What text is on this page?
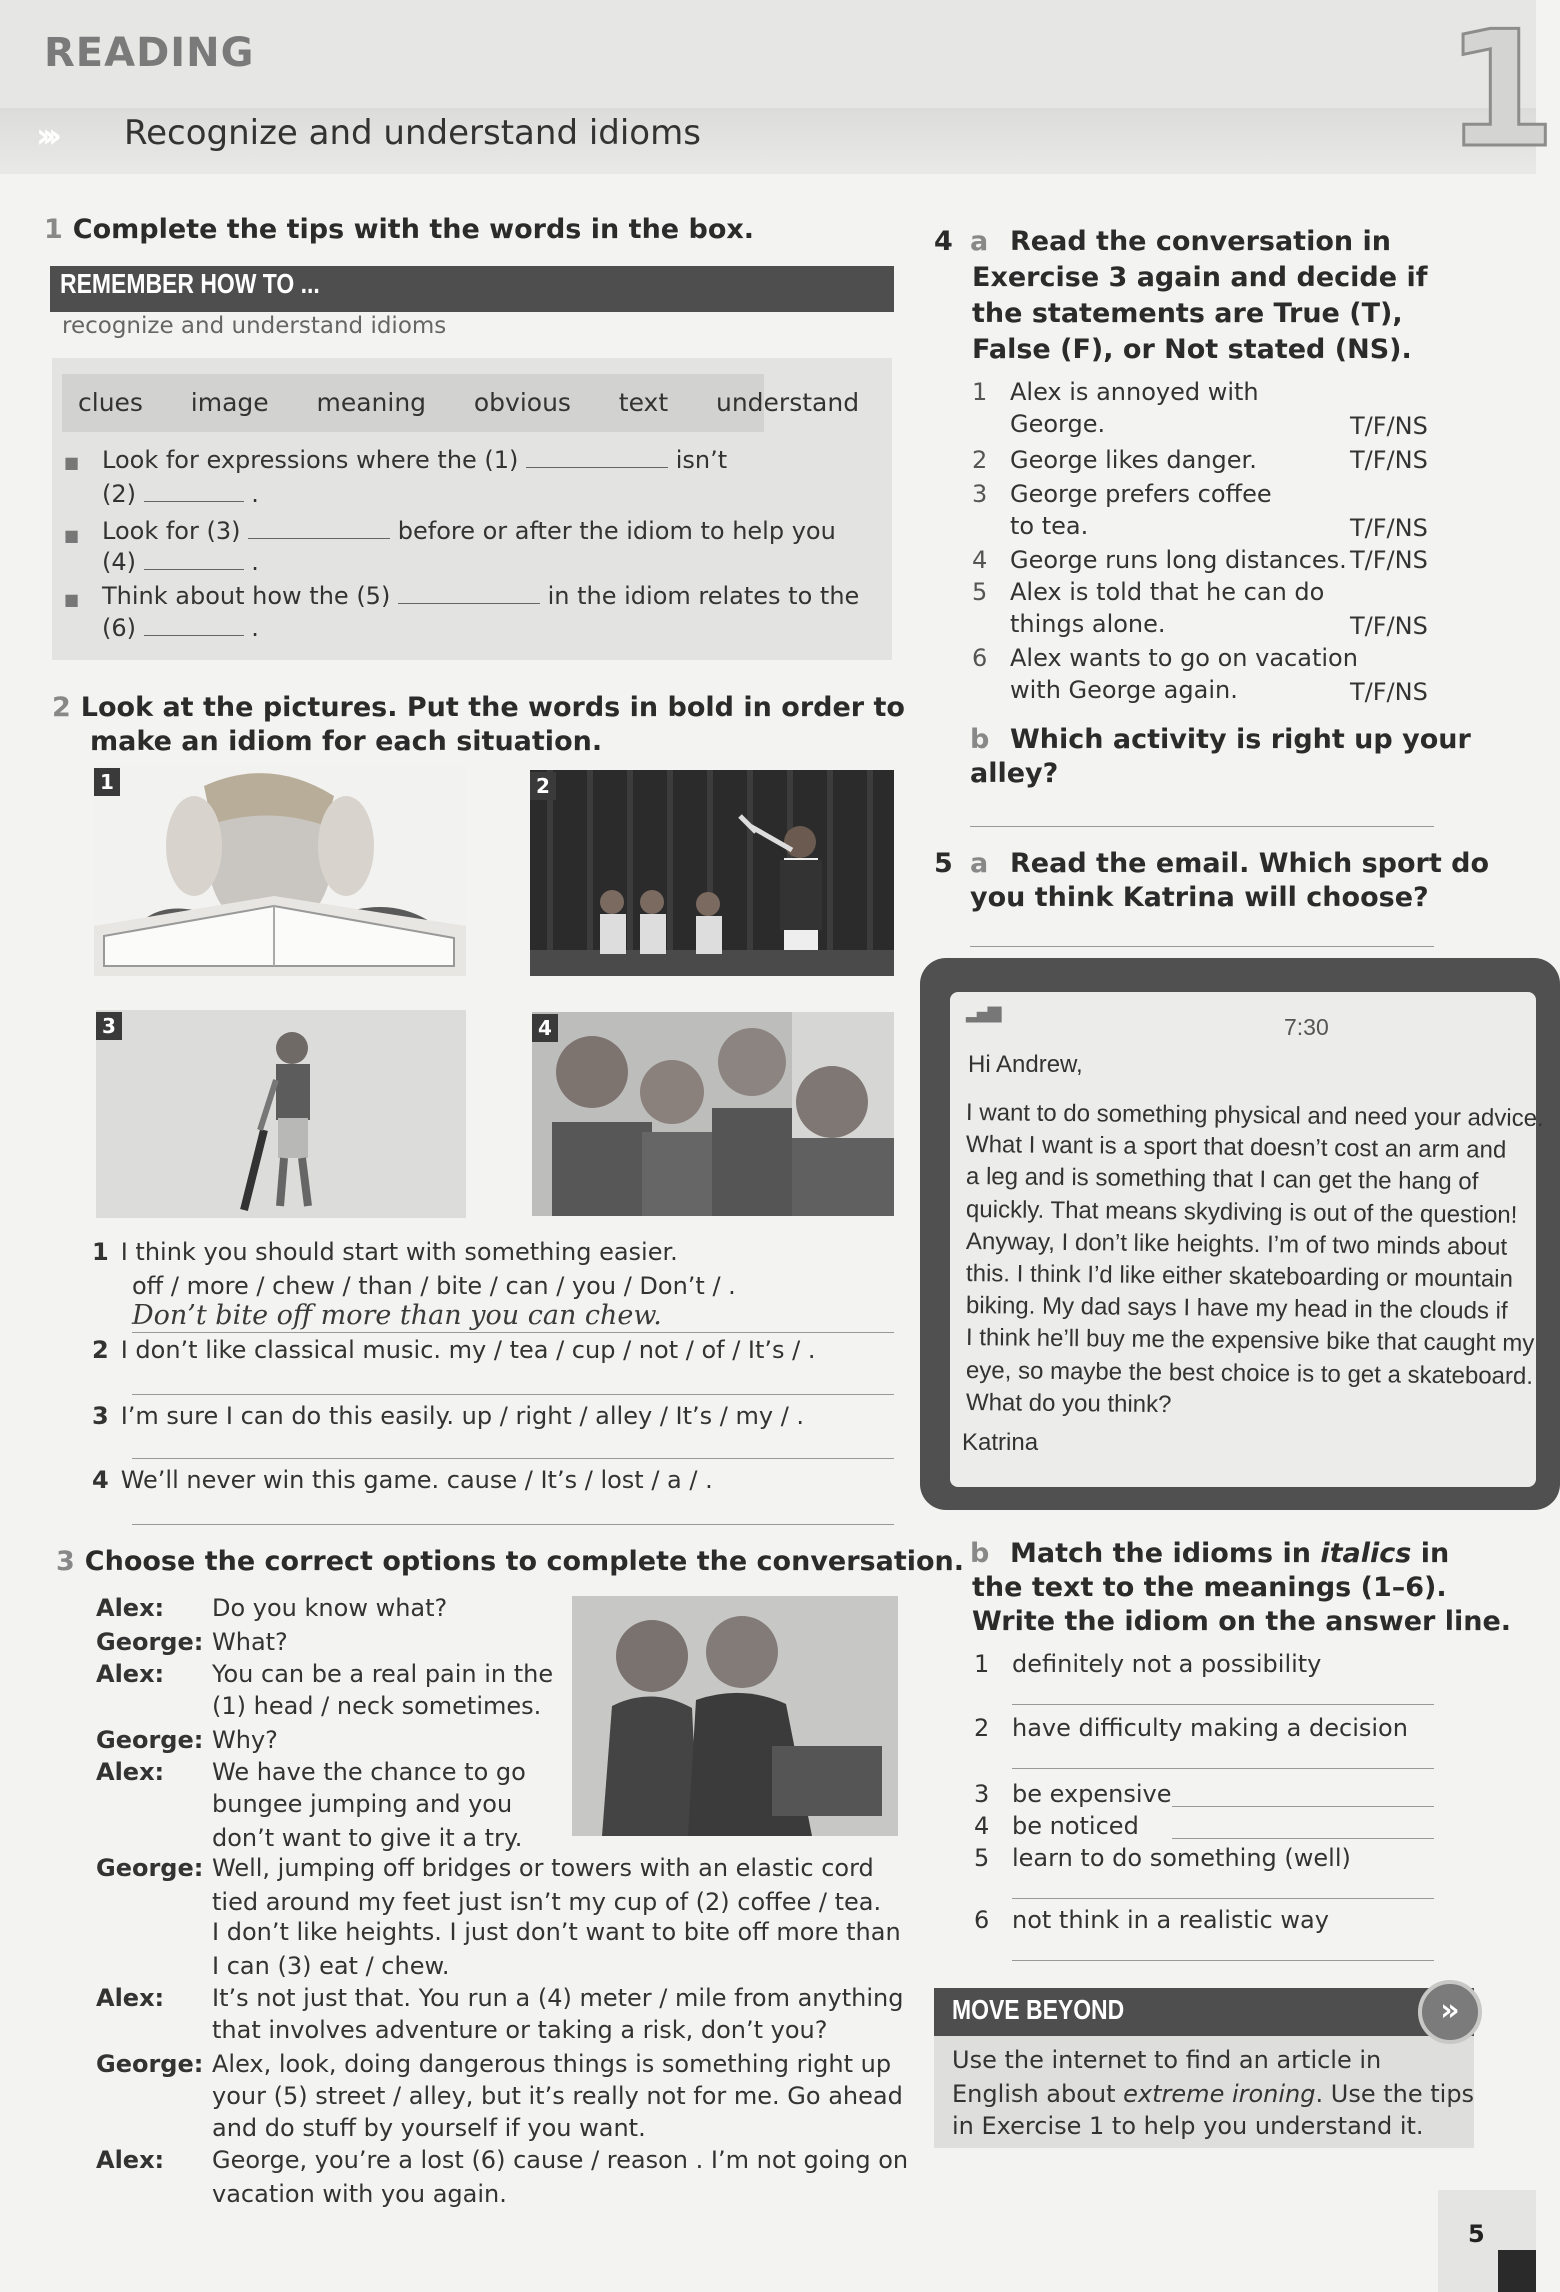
READING
››› Recognize and understand idioms	1
1 Complete the tips with the words in the box.
REMEMBER HOW TO ...
recognize and understand idioms
clues   image   meaning   obvious   text   understand
■ Look for expressions where the (1)	isn’t
(2)	.
■ Look for (3)	before or after the idiom to help you
(4)	.
■ Think about how the (5)	in the idiom relates to the
(6)	.
2 Look at the pictures. Put the words in bold in order to
make an idiom for each situation.
1	2
3	4
1 I think you should start with something easier.
off / more / chew / than / bite / can / you / Don’t / .
Don’t bite off more than you can chew.
2 I don’t like classical music. my / tea / cup / not / of / It’s / .
3 I’m sure I can do this easily. up / right / alley / It’s / my / .
4 We’ll never win this game. cause / It’s / lost / a / .
3 Choose the correct options to complete the conversation.
Alex: Do you know what?
George: What?
Alex: You can be a real pain in the
(1) head / neck sometimes.
George: Why?
Alex: We have the chance to go
bungee jumping and you
don’t want to give it a try.
George: Well, jumping off bridges or towers with an elastic cord
tied around my feet just isn’t my cup of (2) coffee / tea.
I don’t like heights. I just don’t want to bite off more than
I can (3) eat / chew.
Alex: It’s not just that. You run a (4) meter / mile from anything
that involves adventure or taking a risk, don’t you?
George: Alex, look, doing dangerous things is something right up
your (5) street / alley, but it’s really not for me. Go ahead
and do stuff by yourself if you want.
Alex: George, you’re a lost (6) cause / reason . I’m not going on
vacation with you again.
4 a Read the conversation in
Exercise 3 again and decide if
the statements are True (T),
False (F), or Not stated (NS).
1 Alex is annoyed with
George.	T/F/NS
2 George likes danger.	T/F/NS
3 George prefers coffee
to tea.	T/F/NS
4 George runs long distances. T/F/NS
5 Alex is told that he can do
things alone.	T/F/NS
6 Alex wants to go on vacation
with George again.	T/F/NS
b Which activity is right up your
alley?
5 a Read the email. Which sport do
you think Katrina will choose?
▂▄▆
7:30
Hi Andrew,
I want to do something physical and need your advice.
What I want is a sport that doesn’t cost an arm and
a leg and is something that I can get the hang of
quickly. That means skydiving is out of the question!
Anyway, I don’t like heights. I’m of two minds about
this. I think I’d like either skateboarding or mountain
biking. My dad says I have my head in the clouds if
I think he’ll buy me the expensive bike that caught my
eye, so maybe the best choice is to get a skateboard.
What do you think?
Katrina
b Match the idioms in italics in
the text to the meanings (1–6).
Write the idiom on the answer line.
1 definitely not a possibility
2 have difficulty making a decision
3 be expensive
4 be noticed
5 learn to do something (well)
6 not think in a realistic way
MOVE BEYOND	»
Use the internet to find an article in
English about extreme ironing. Use the tips
in Exercise 1 to help you understand it.
5
